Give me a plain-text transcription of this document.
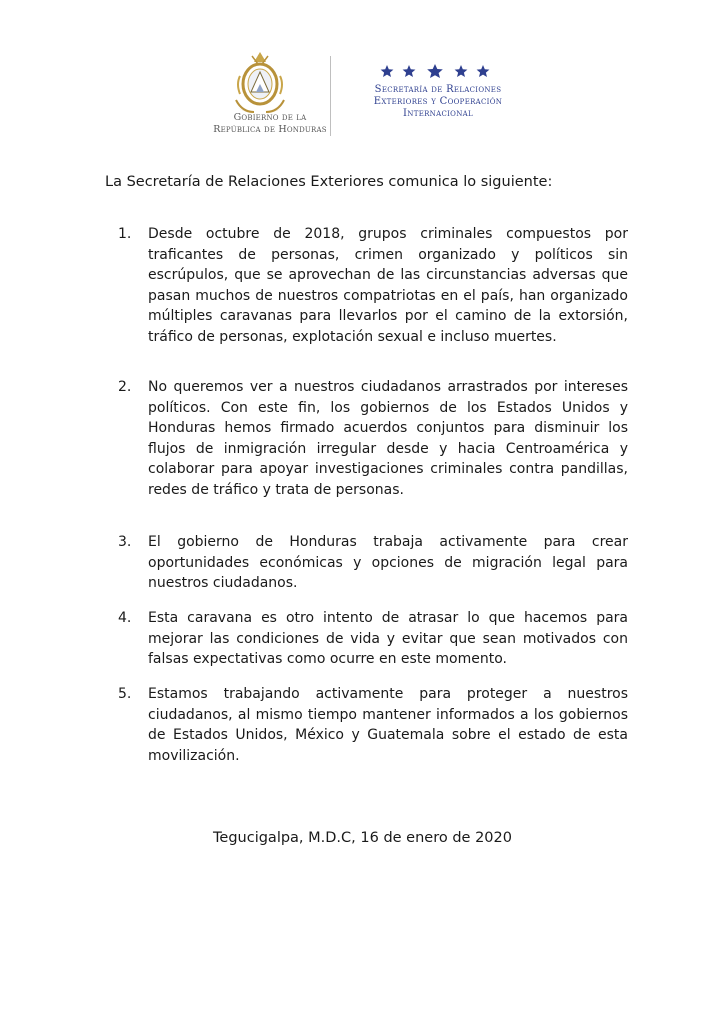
Gobierno de la
República de Honduras
Secretaría de Relaciones
Exteriores y Cooperación
Internacional
La Secretaría de Relaciones Exteriores comunica lo siguiente:
1.	Desde octubre de 2018, grupos criminales compuestos por traficantes de personas, crimen organizado y políticos sin escrúpulos, que se aprovechan de las circunstancias adversas que pasan muchos de nuestros compatriotas en el país, han organizado múltiples caravanas para llevarlos por el camino de la extorsión, tráfico de personas, explotación sexual e incluso muertes.
2.	No queremos ver a nuestros ciudadanos arrastrados por intereses políticos. Con este fin, los gobiernos de los Estados Unidos y Honduras hemos firmado acuerdos conjuntos para disminuir los flujos de inmigración irregular desde y hacia Centroamérica y colaborar para apoyar investigaciones criminales contra pandillas, redes de tráfico y trata de personas.
3.	El gobierno de Honduras trabaja activamente para crear oportunidades económicas y opciones de migración legal para nuestros ciudadanos.
4.	Esta caravana es otro intento de atrasar lo que hacemos para mejorar las condiciones de vida y evitar que sean motivados con falsas expectativas como ocurre en este momento.
5.	Estamos trabajando activamente para proteger a nuestros ciudadanos, al mismo tiempo mantener informados a los gobiernos de Estados Unidos, México y Guatemala sobre el estado de esta movilización.
Tegucigalpa, M.D.C, 16 de enero de 2020
